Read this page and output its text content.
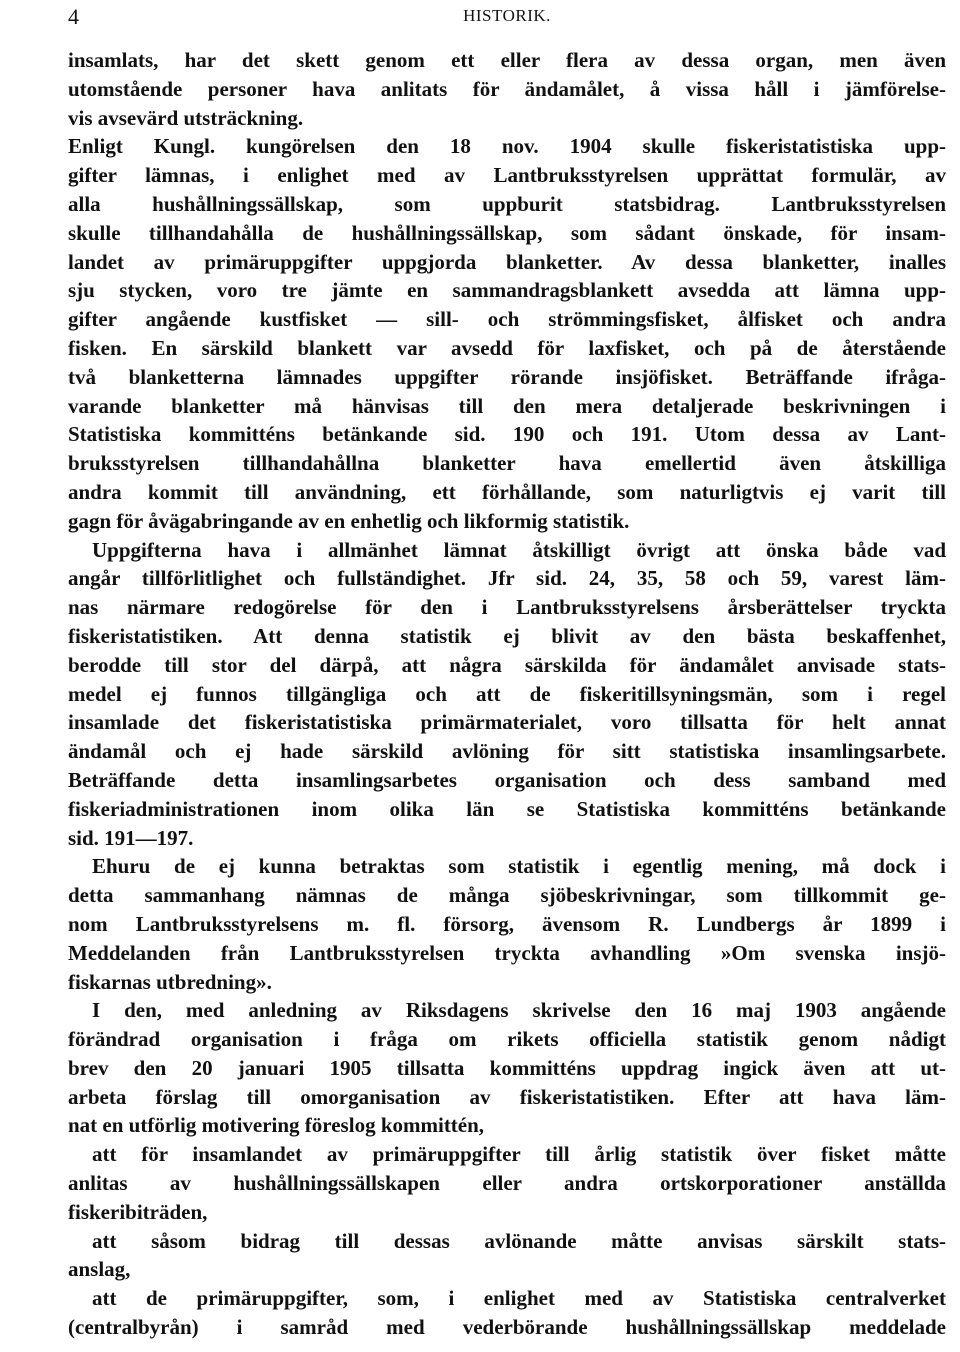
4	HISTORIK.
insamlats, har det skett genom ett eller flera av dessa organ, men även
utomstående personer hava anlitats för ändamålet, å vissa håll i jämförelse-
vis avsevärd utsträckning.
Enligt Kungl. kungörelsen den 18 nov. 1904 skulle fiskeristatistiska upp-
gifter lämnas, i enlighet med av Lantbruksstyrelsen upprättat formulär, av
alla hushållningssällskap, som uppburit statsbidrag. Lantbruksstyrelsen
skulle tillhandahålla de hushållningssällskap, som sådant önskade, för insam-
landet av primäruppgifter uppgjorda blanketter. Av dessa blanketter, inalles
sju stycken, voro tre jämte en sammandragsblankett avsedda att lämna upp-
gifter angående kustfisket — sill- och strömmingsfisket, ålfisket och andra
fisken. En särskild blankett var avsedd för laxfisket, och på de återstående
två blanketterna lämnades uppgifter rörande insjöfisket. Beträffande ifråga-
varande blanketter må hänvisas till den mera detaljerade beskrivningen i
Statistiska kommitténs betänkande sid. 190 och 191. Utom dessa av Lant-
bruksstyrelsen tillhandahållna blanketter hava emellertid även åtskilliga
andra kommit till användning, ett förhållande, som naturligtvis ej varit till
gagn för åvägabringande av en enhetlig och likformig statistik.
Uppgifterna hava i allmänhet lämnat åtskilligt övrigt att önska både vad
angår tillförlitlighet och fullständighet. Jfr sid. 24, 35, 58 och 59, varest läm-
nas närmare redogörelse för den i Lantbruksstyrelsens årsberättelser tryckta
fiskeristatistiken. Att denna statistik ej blivit av den bästa beskaffenhet,
berodde till stor del därpå, att några särskilda för ändamålet anvisade stats-
medel ej funnos tillgängliga och att de fiskeritillsyningsmän, som i regel
insamlade det fiskeristatistiska primärmaterialet, voro tillsatta för helt annat
ändamål och ej hade särskild avlöning för sitt statistiska insamlingsarbete.
Beträffande detta insamlingsarbetes organisation och dess samband med
fiskeriadministrationen inom olika län se Statistiska kommitténs betänkande
sid. 191—197.
Ehuru de ej kunna betraktas som statistik i egentlig mening, må dock i
detta sammanhang nämnas de många sjöbeskrivningar, som tillkommit ge-
nom Lantbruksstyrelsens m. fl. försorg, ävensom R. Lundbergs år 1899 i
Meddelanden från Lantbruksstyrelsen tryckta avhandling »Om svenska insjö-
fiskarnas utbredning».
I den, med anledning av Riksdagens skrivelse den 16 maj 1903 angående
förändrad organisation i fråga om rikets officiella statistik genom nådigt
brev den 20 januari 1905 tillsatta kommitténs uppdrag ingick även att ut-
arbeta förslag till omorganisation av fiskeristatistiken. Efter att hava läm-
nat en utförlig motivering föreslog kommittén,
att för insamlandet av primäruppgifter till årlig statistik över fisket måtte
anlitas av hushållningssällskapen eller andra ortskorporationer anställda
fiskeribiträden,
att såsom bidrag till dessas avlönande måtte anvisas särskilt stats-
anslag,
att de primäruppgifter, som, i enlighet med av Statistiska centralverket
(centralbyrån) i samråd med vederbörande hushållningssällskap meddelade
